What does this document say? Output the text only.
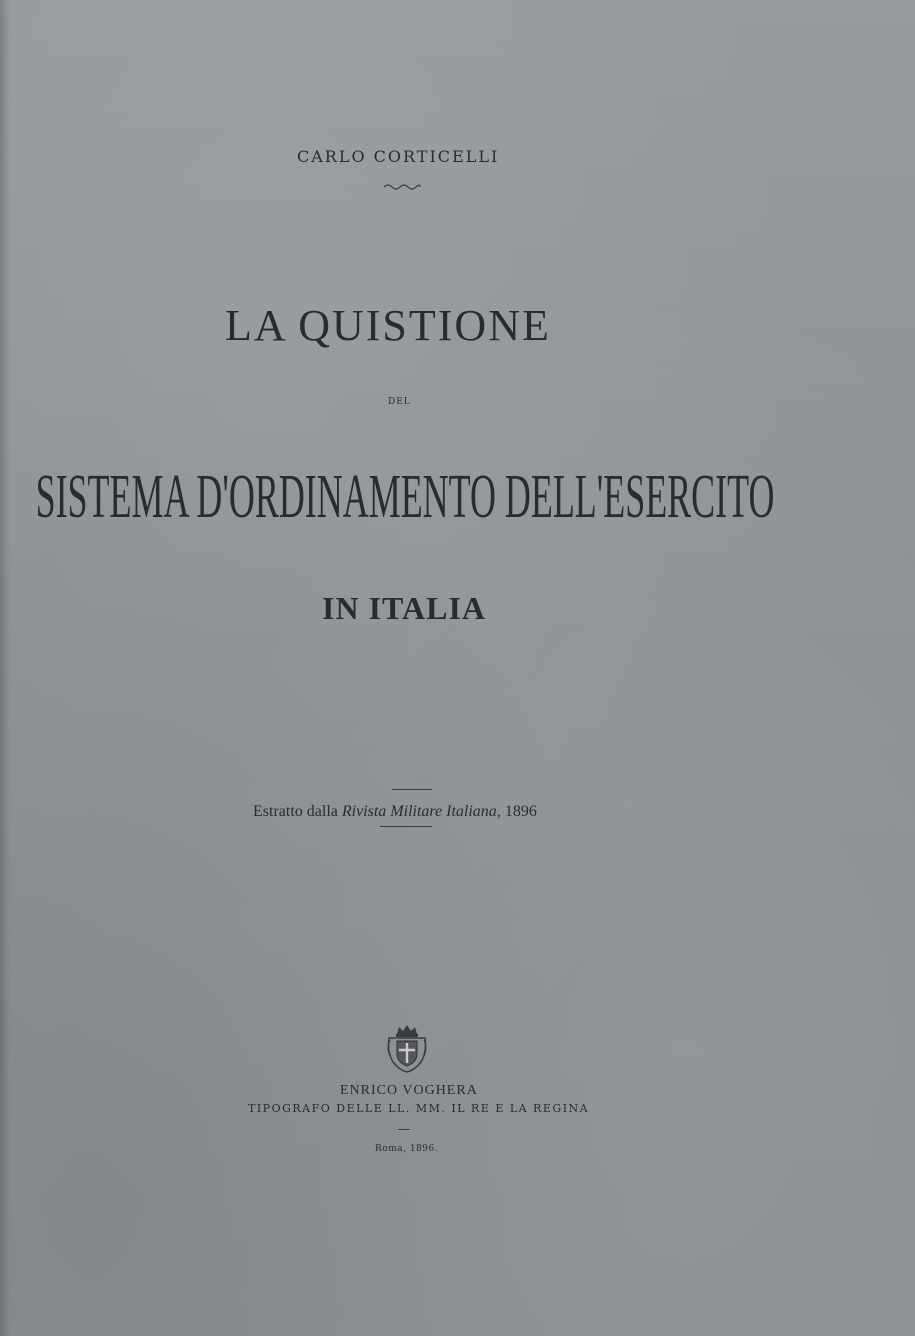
CARLO CORTICELLI
LA QUISTIONE
DEL
SISTEMA D'ORDINAMENTO DELL'ESERCITO
IN ITALIA
Estratto dalla Rivista Militare Italiana, 1896
ENRICO VOGHERA
TIPOGRAFO DELLE LL. MM. IL RE E LA REGINA
Roma, 1896.
